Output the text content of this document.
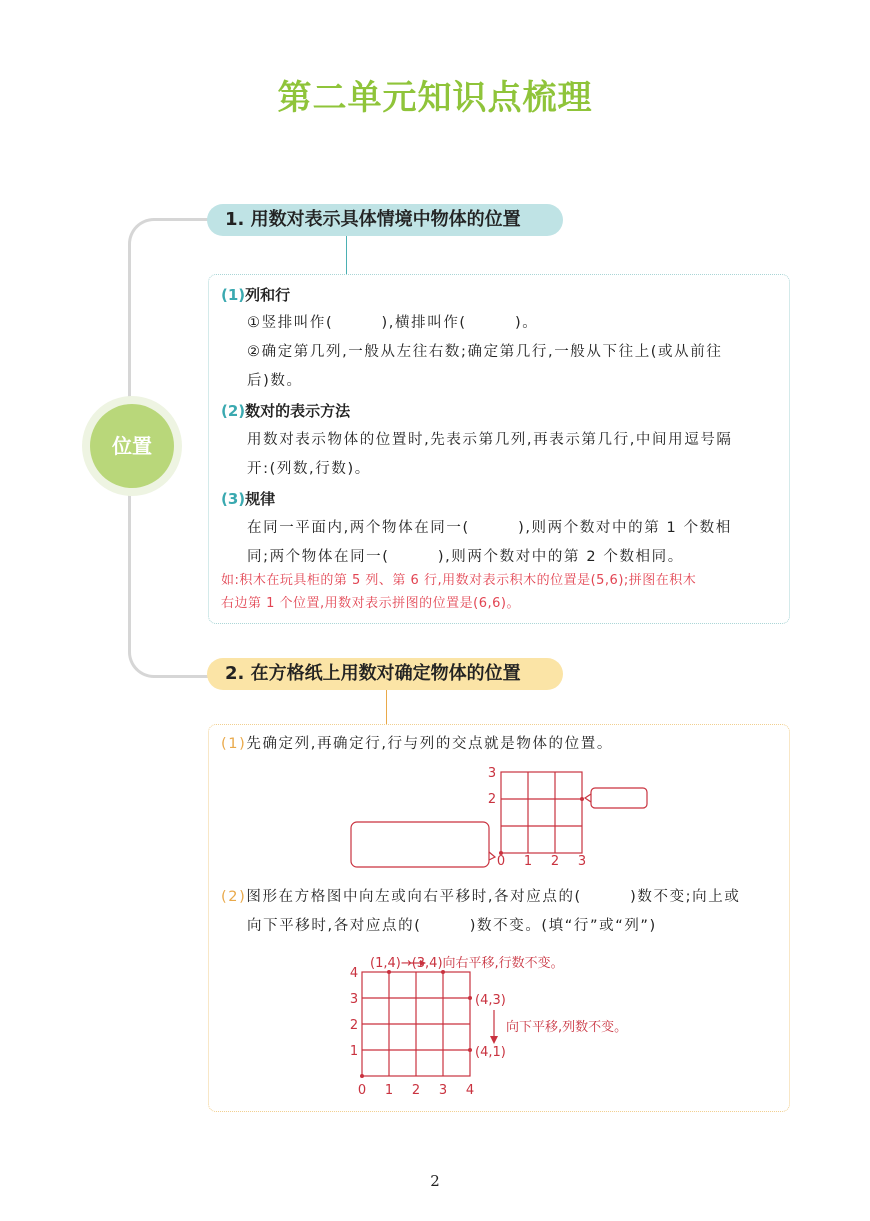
第二单元知识点梳理
位置
1. 用数对表示具体情境中物体的位置
2. 在方格纸上用数对确定物体的位置
(1)列和行
①竖排叫作(　　　),横排叫作(　　　)。
②确定第几列,一般从左往右数;确定第几行,一般从下往上(或从前往
后)数。
(2)数对的表示方法
用数对表示物体的位置时,先表示第几列,再表示第几行,中间用逗号隔
开:(列数,行数)。
(3)规律
在同一平面内,两个物体在同一(　　　),则两个数对中的第 1 个数相
同;两个物体在同一(　　　),则两个数对中的第 2 个数相同。
如:积木在玩具柜的第 5 列、第 6 行,用数对表示积木的位置是(5,6);拼图在积木
右边第 1 个位置,用数对表示拼图的位置是(6,6)。
(1)先确定列,再确定行,行与列的交点就是物体的位置。
3
2
0 1 2 3
(2)图形在方格图中向左或向右平移时,各对应点的(　　　)数不变;向上或
向下平移时,各对应点的(　　　)数不变。(填“行”或“列”)
(1,4)→(3,4)向右平移,行数不变。
(4,3)
(4,1)
向下平移,列数不变。
4
3
2
1
0 1 2 3 4
2
